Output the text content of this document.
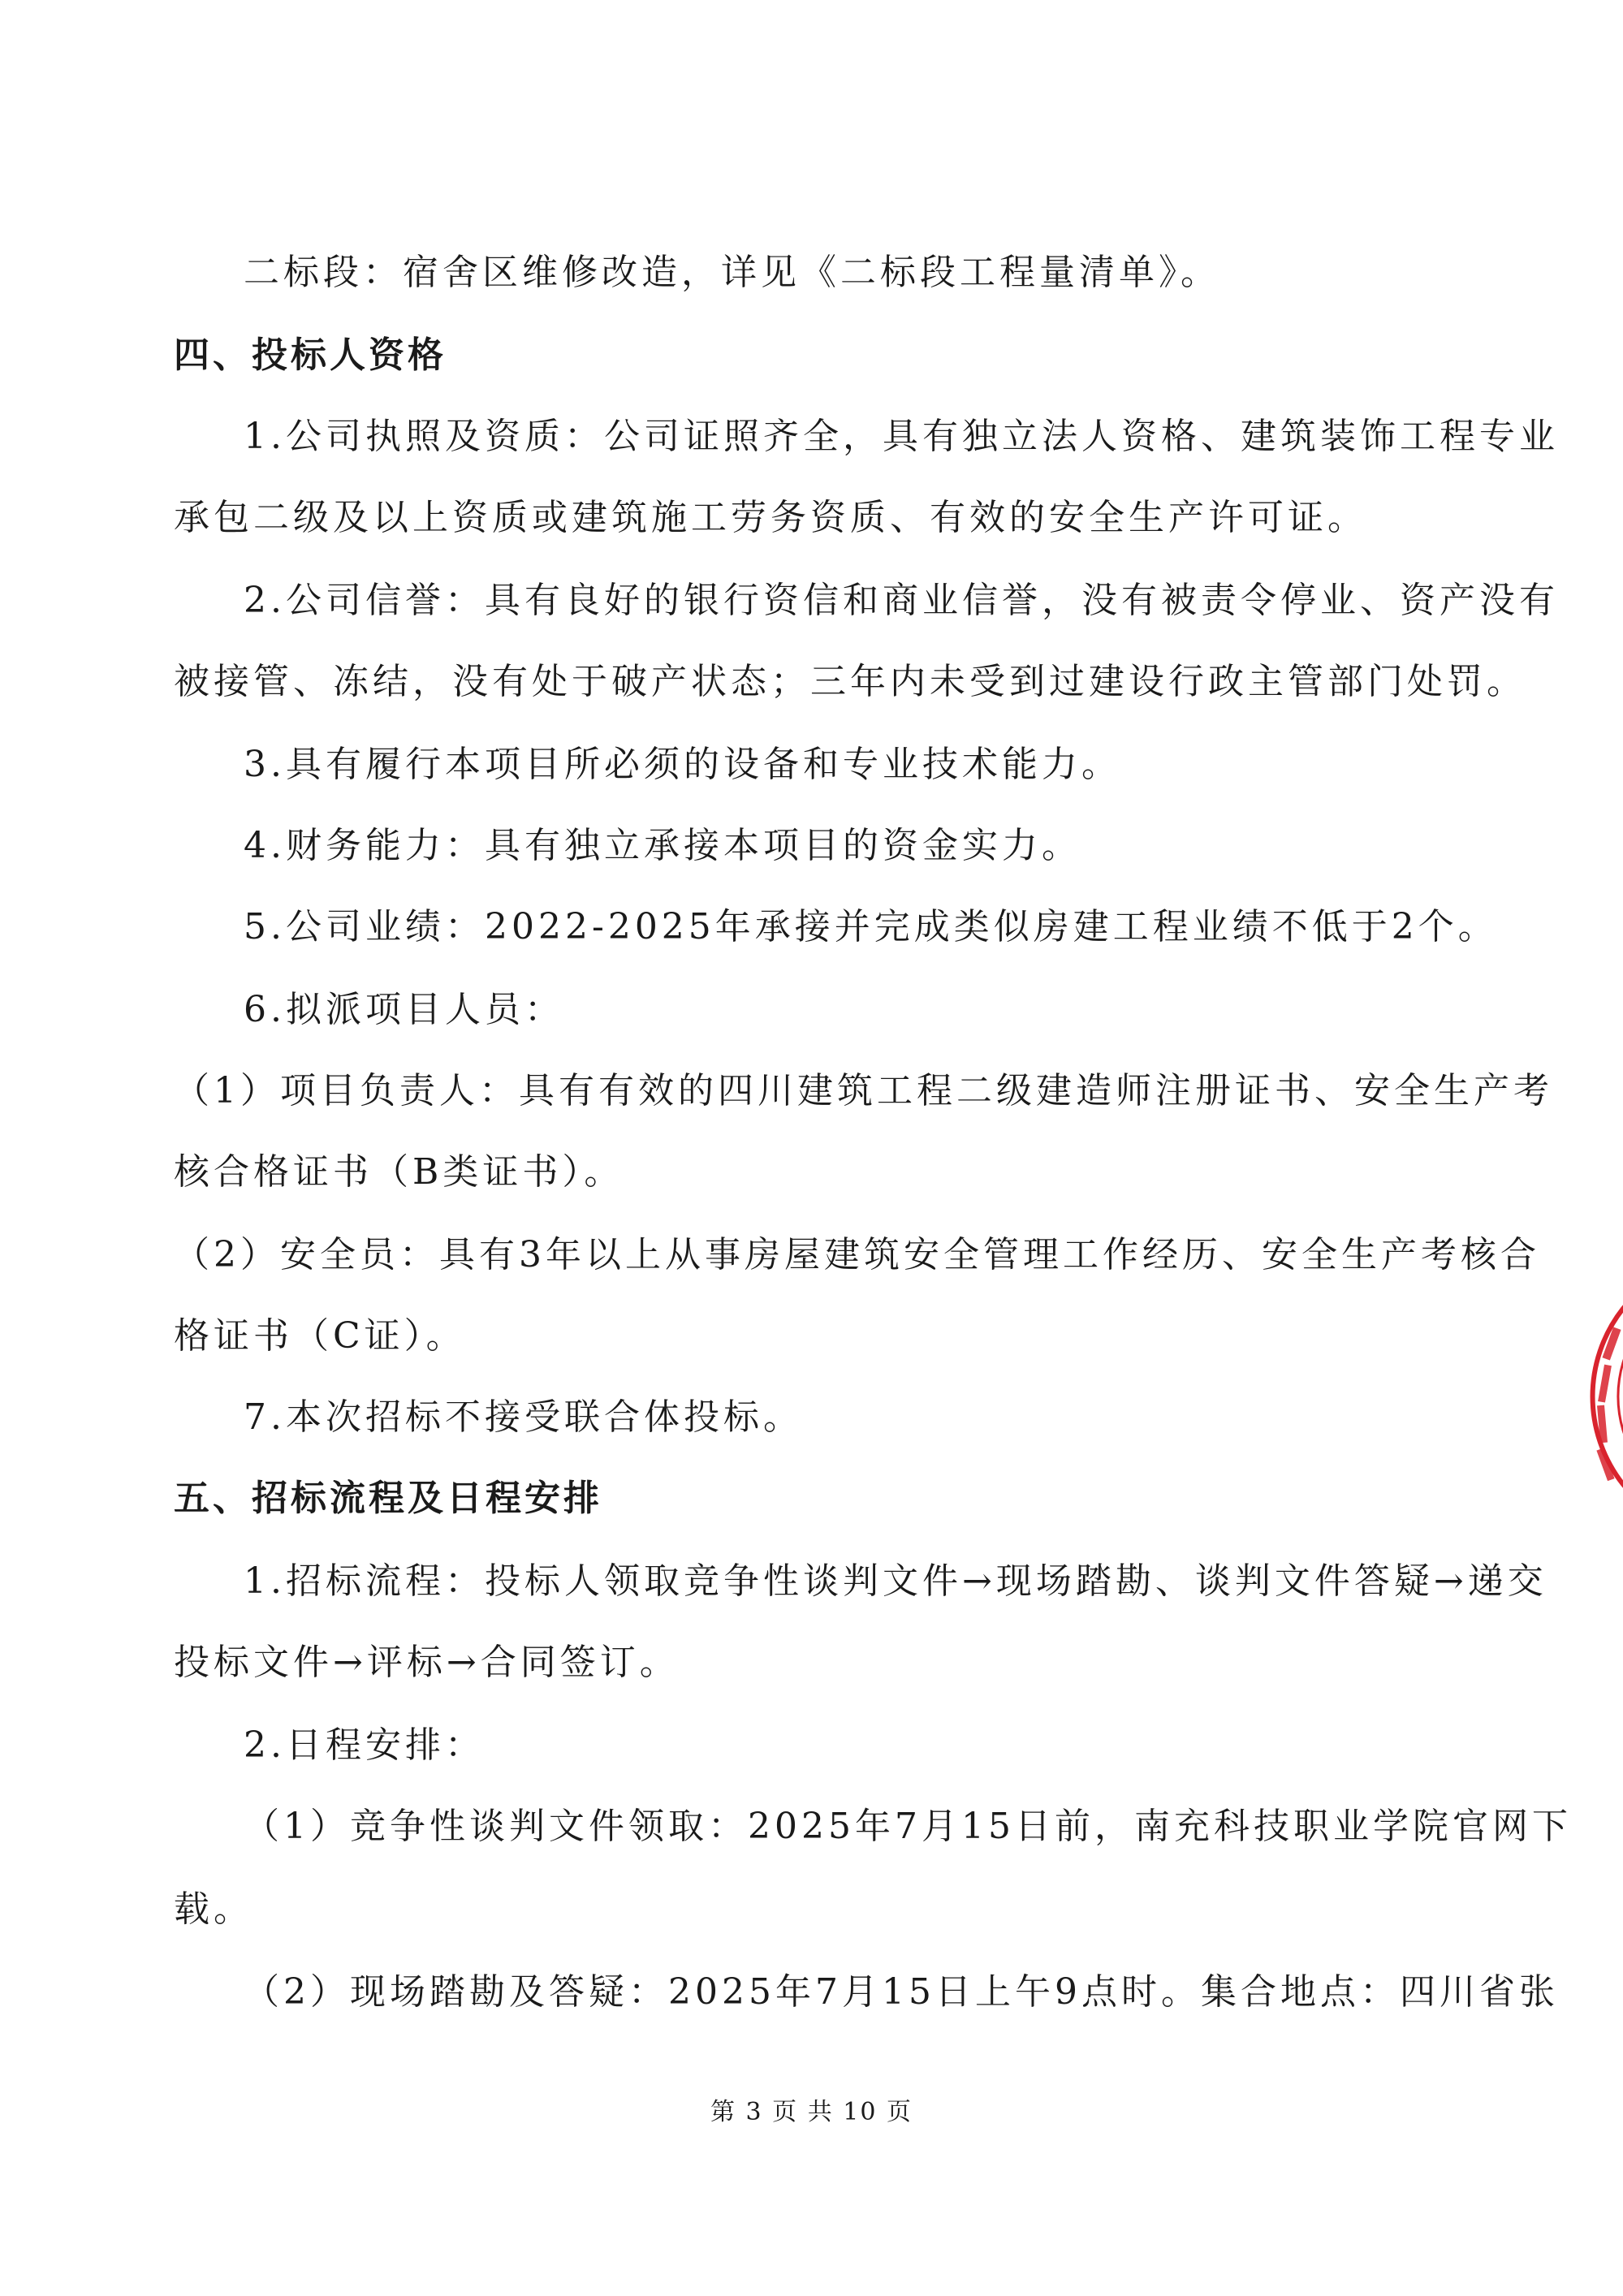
二标段：宿舍区维修改造，详见《二标段工程量清单》。
四、投标人资格
1.公司执照及资质：公司证照齐全，具有独立法人资格、建筑装饰工程专业
承包二级及以上资质或建筑施工劳务资质、有效的安全生产许可证。
2.公司信誉：具有良好的银行资信和商业信誉，没有被责令停业、资产没有
被接管、冻结，没有处于破产状态；三年内未受到过建设行政主管部门处罚。
3.具有履行本项目所必须的设备和专业技术能力。
4.财务能力：具有独立承接本项目的资金实力。
5.公司业绩：2022-2025年承接并完成类似房建工程业绩不低于2个。
6.拟派项目人员：
（1）项目负责人：具有有效的四川建筑工程二级建造师注册证书、安全生产考
核合格证书（B类证书）。
（2）安全员：具有3年以上从事房屋建筑安全管理工作经历、安全生产考核合
格证书（C证）。
7.本次招标不接受联合体投标。
五、招标流程及日程安排
1.招标流程：投标人领取竞争性谈判文件→现场踏勘、谈判文件答疑→递交
投标文件→评标→合同签订。
2.日程安排：
（1）竞争性谈判文件领取：2025年7月15日前，南充科技职业学院官网下
载。
（2）现场踏勘及答疑：2025年7月15日上午9点时。集合地点：四川省张
第 3 页 共 10 页
